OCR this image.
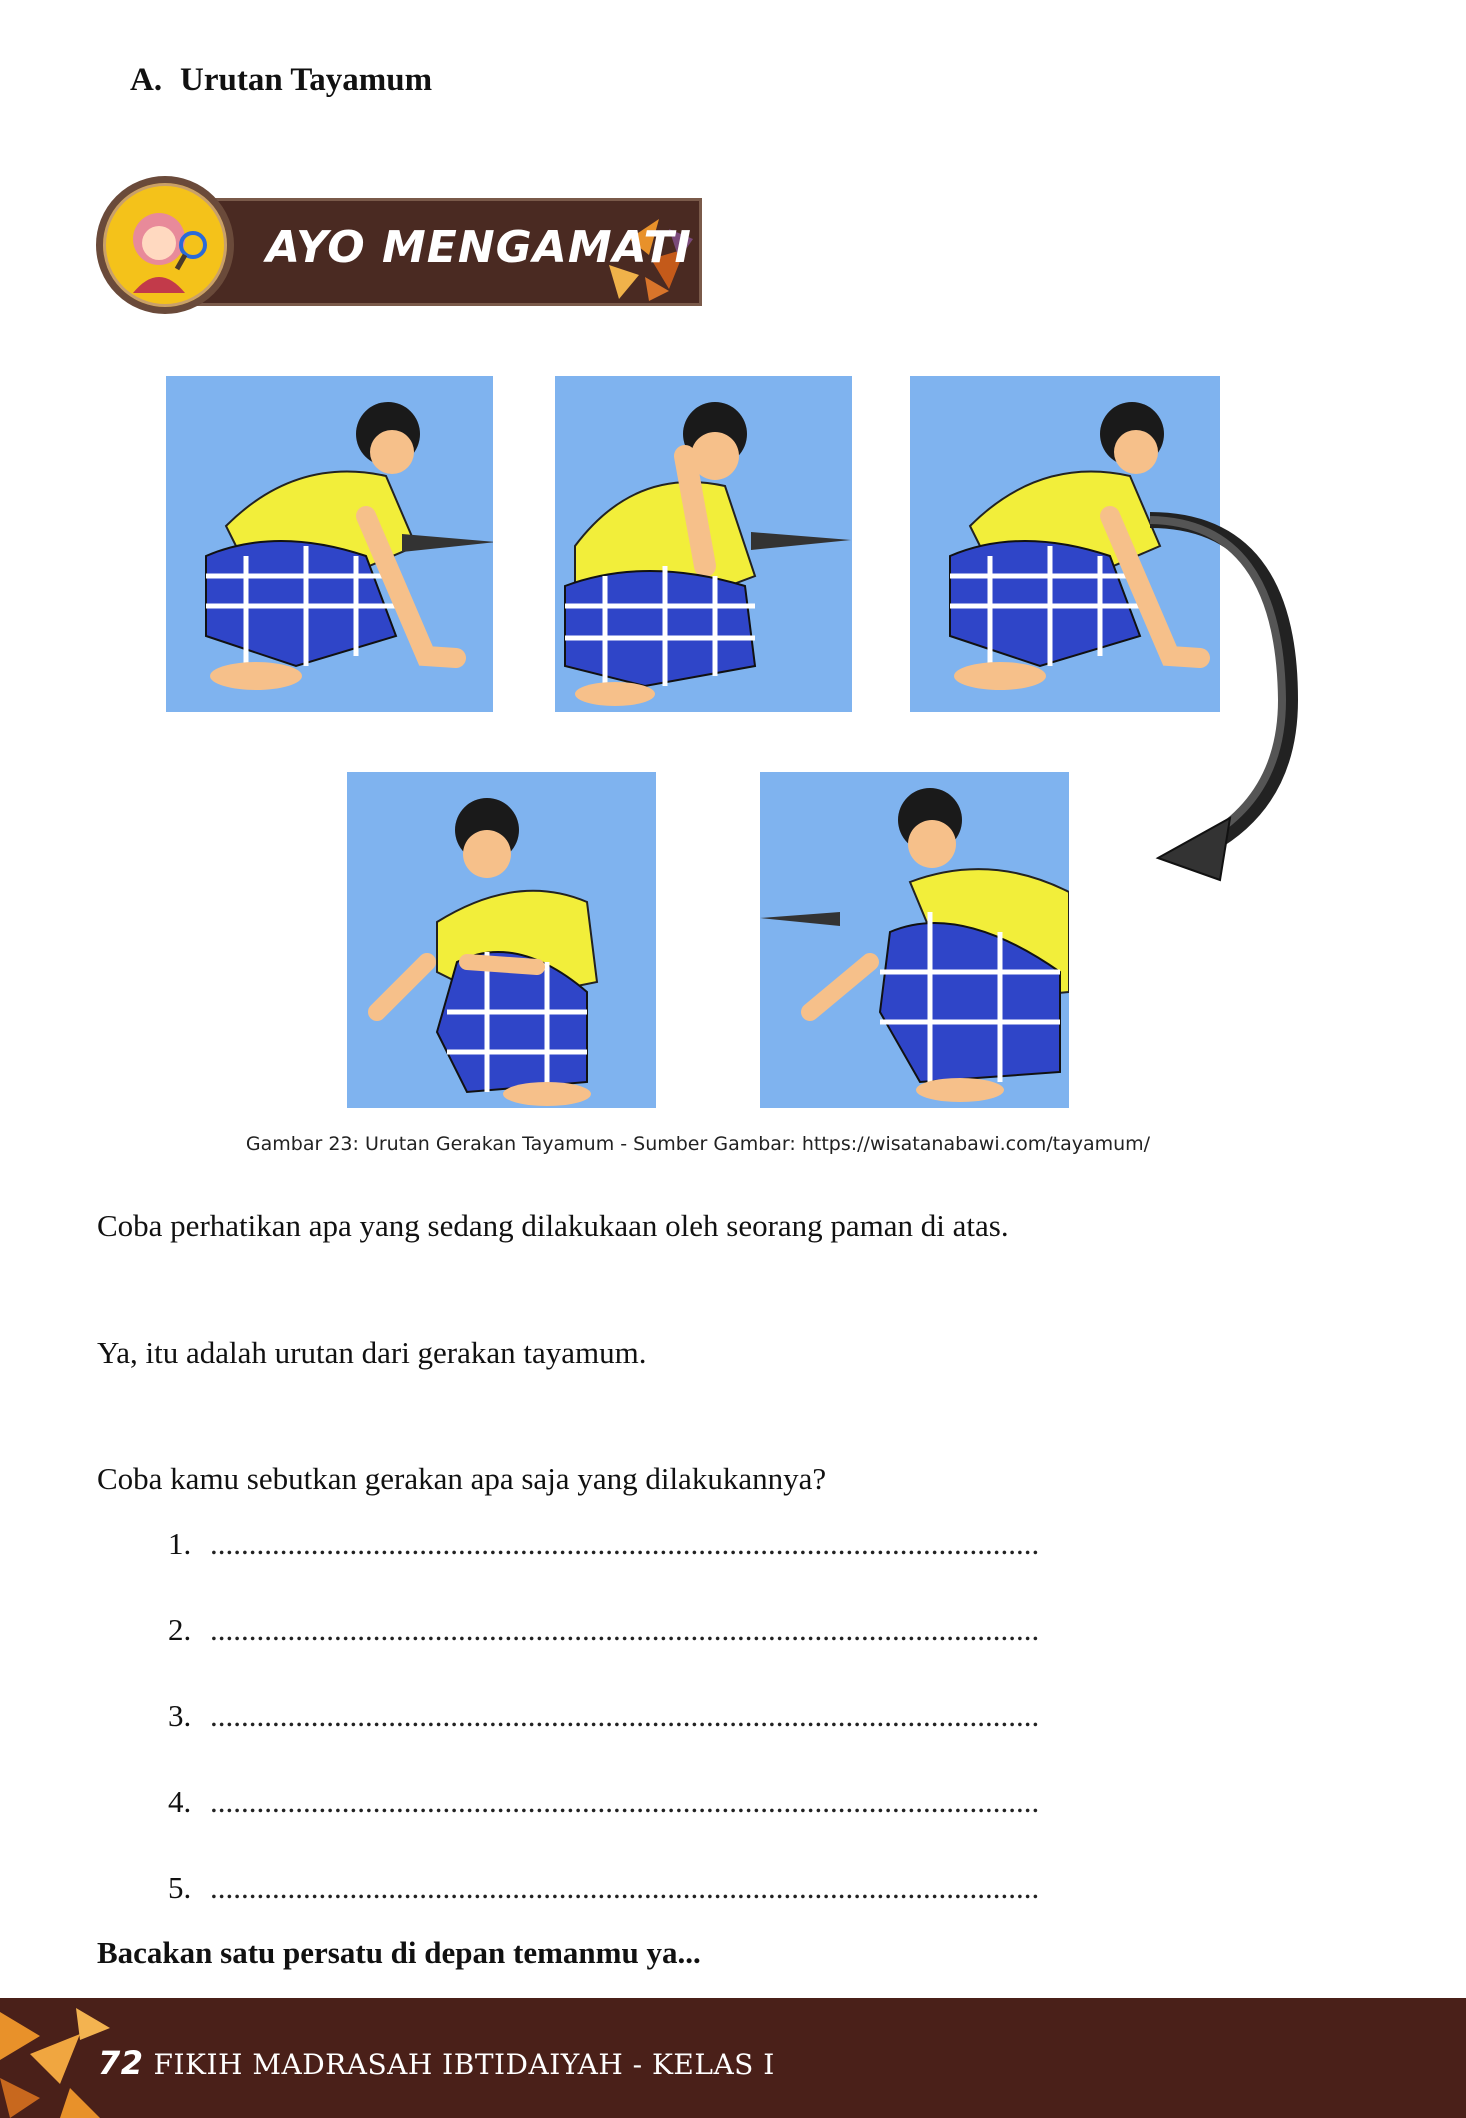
A. Urutan Tayamum
AYO MENGAMATI
Gambar 23: Urutan Gerakan Tayamum - Sumber Gambar: https://wisatanabawi.com/tayamum/
Coba perhatikan apa yang sedang dilakukaan oleh seorang paman di atas.
Ya, itu adalah urutan dari gerakan tayamum.
Coba kamu sebutkan gerakan apa saja yang dilakukannya?
1. ...........................................................................................................
2. ...........................................................................................................
3. ...........................................................................................................
4. ...........................................................................................................
5. ...........................................................................................................
Bacakan satu persatu di depan temanmu ya...
72 FIKIH MADRASAH IBTIDAIYAH - KELAS I
